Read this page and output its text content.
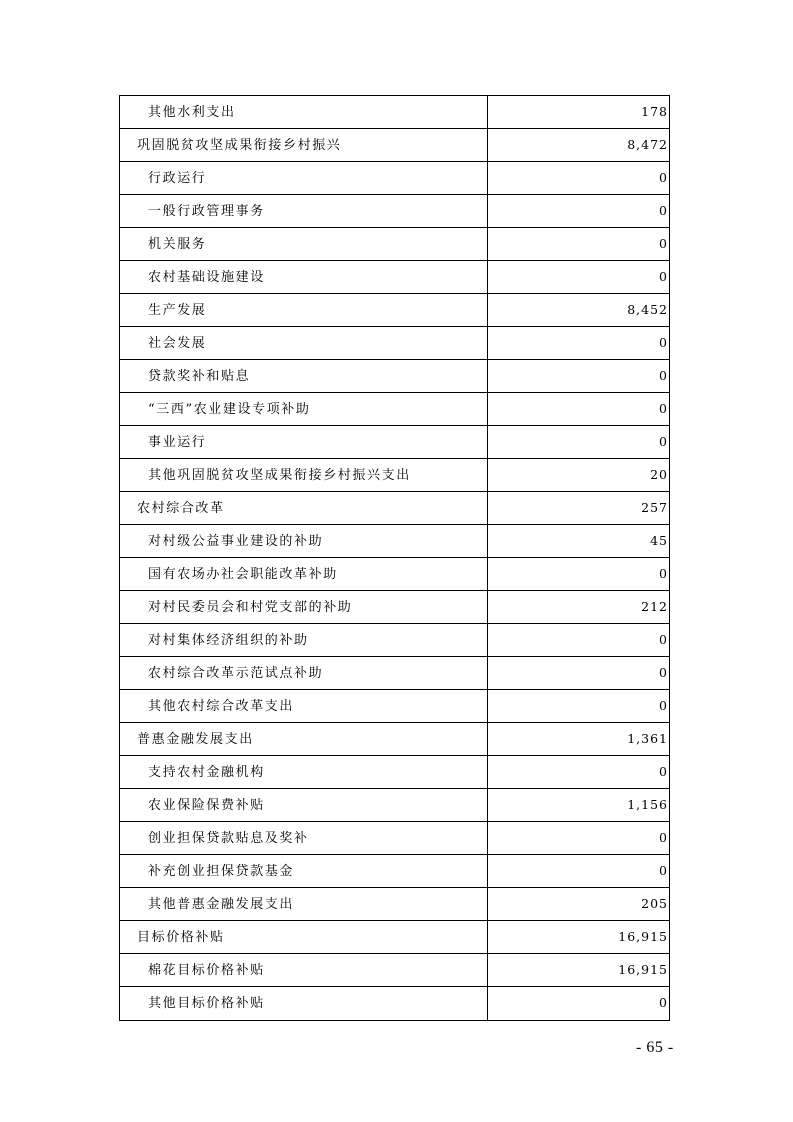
其他水利支出	178
巩固脱贫攻坚成果衔接乡村振兴	8,472
行政运行	0
一般行政管理事务	0
机关服务	0
农村基础设施建设	0
生产发展	8,452
社会发展	0
贷款奖补和贴息	0
“三西”农业建设专项补助	0
事业运行	0
其他巩固脱贫攻坚成果衔接乡村振兴支出	20
农村综合改革	257
对村级公益事业建设的补助	45
国有农场办社会职能改革补助	0
对村民委员会和村党支部的补助	212
对村集体经济组织的补助	0
农村综合改革示范试点补助	0
其他农村综合改革支出	0
普惠金融发展支出	1,361
支持农村金融机构	0
农业保险保费补贴	1,156
创业担保贷款贴息及奖补	0
补充创业担保贷款基金	0
其他普惠金融发展支出	205
目标价格补贴	16,915
棉花目标价格补贴	16,915
其他目标价格补贴	0
- 65 -
